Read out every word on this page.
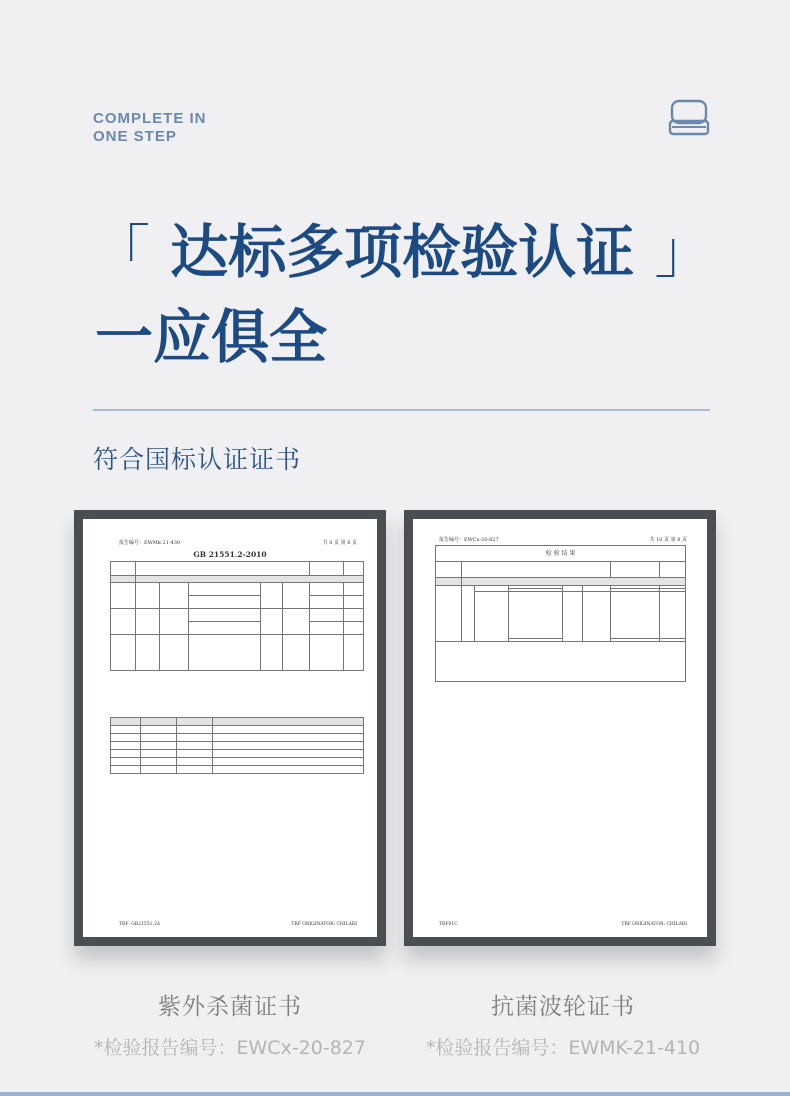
COMPLETE IN
ONE STEP
「 达标多项检验认证 」
一应俱全
符合国标认证证书
报告编号：EWMk-21-430	共 8 页 第 6 页
GB 21551.2-2010

TRF: GB21551.2A	TRF ORIGINATOR: CHILARI
报告编号：EWCx-20-827	共 10 页 第 8 页
检 验 结 果							

TRF01C	TRF ORIGINATOR: CHILARI
紫外杀菌证书	抗菌波轮证书
*检验报告编号：EWCx-20-827	*检验报告编号：EWMK-21-410
